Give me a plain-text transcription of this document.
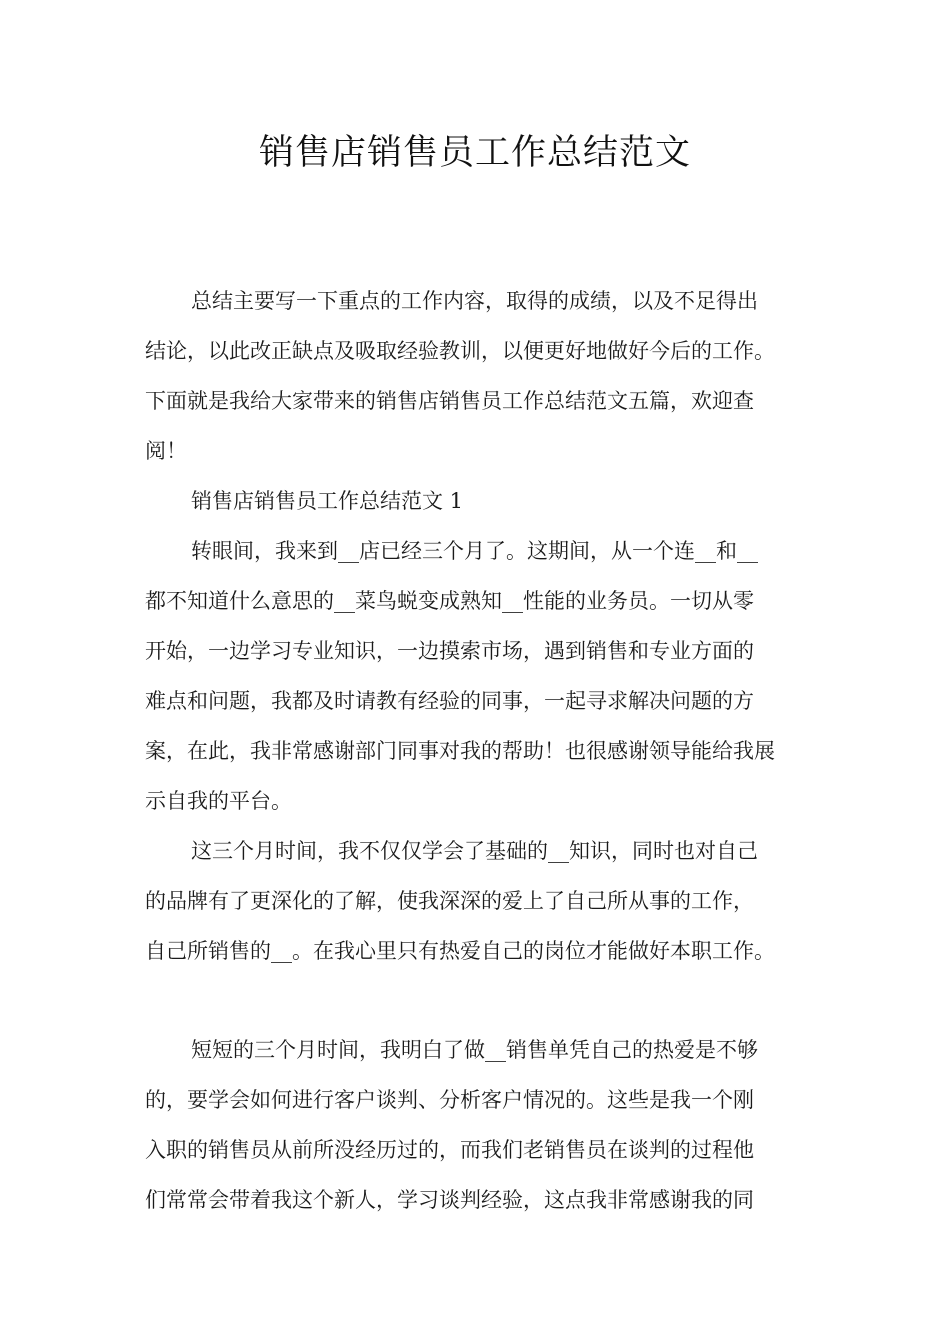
销售店销售员工作总结范文
总结主要写一下重点的工作内容，取得的成绩，以及不足得出
结论，以此改正缺点及吸取经验教训，以便更好地做好今后的工作。
下面就是我给大家带来的销售店销售员工作总结范文五篇，欢迎查
阅！
销售店销售员工作总结范文 1
转眼间，我来到__店已经三个月了。这期间，从一个连__和__
都不知道什么意思的__菜鸟蜕变成熟知__性能的业务员。一切从零
开始，一边学习专业知识，一边摸索市场，遇到销售和专业方面的
难点和问题，我都及时请教有经验的同事，一起寻求解决问题的方
案，在此，我非常感谢部门同事对我的帮助！也很感谢领导能给我展
示自我的平台。
这三个月时间，我不仅仅学会了基础的__知识，同时也对自己
的品牌有了更深化的了解，使我深深的爱上了自己所从事的工作，
自己所销售的__。在我心里只有热爱自己的岗位才能做好本职工作。
短短的三个月时间，我明白了做__销售单凭自己的热爱是不够
的，要学会如何进行客户谈判、分析客户情况的。这些是我一个刚
入职的销售员从前所没经历过的，而我们老销售员在谈判的过程他
们常常会带着我这个新人，学习谈判经验，这点我非常感谢我的同
